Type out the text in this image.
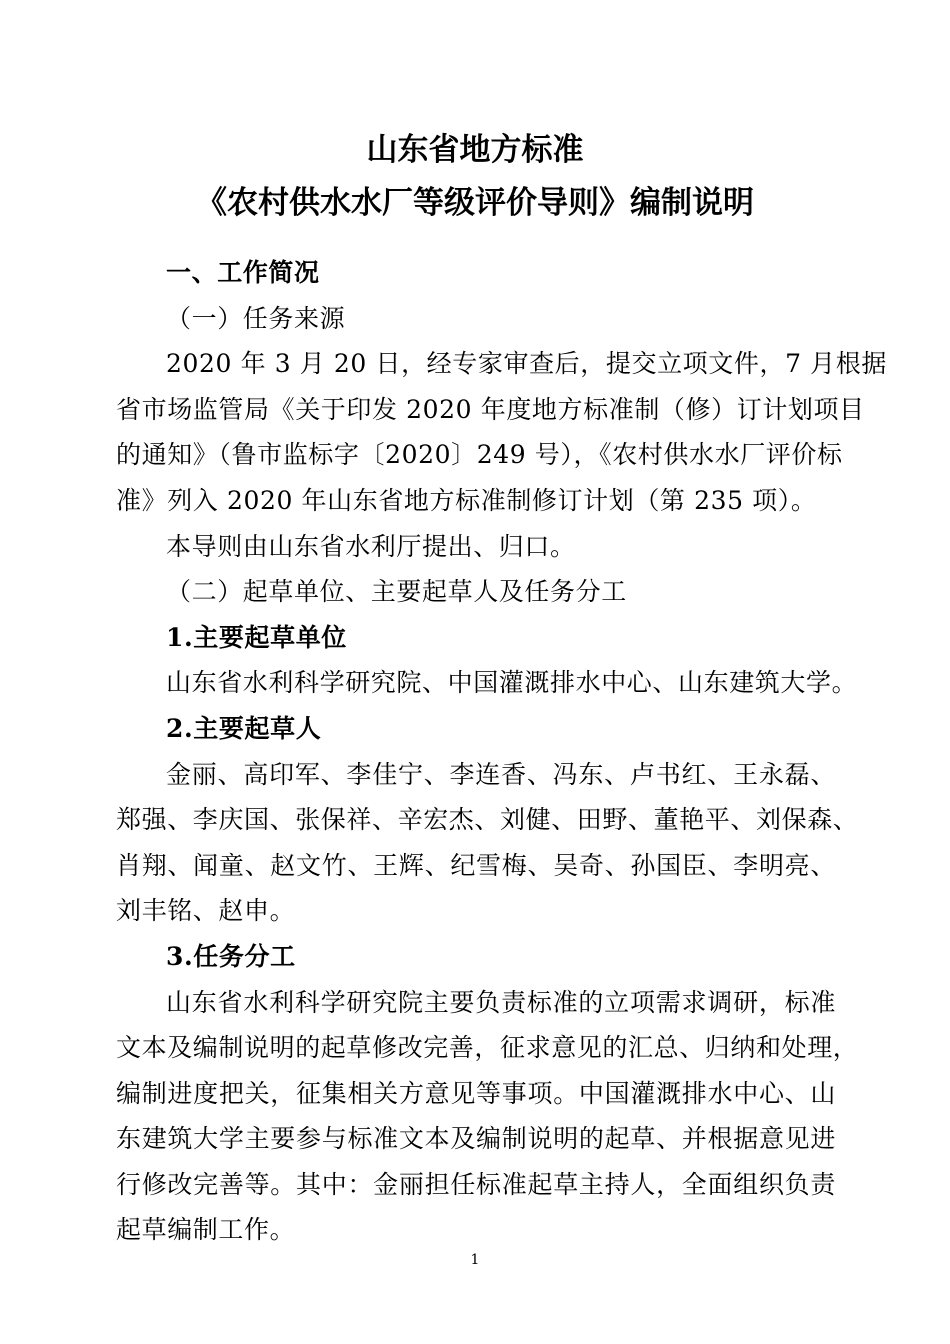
山东省地方标准
《农村供水水厂等级评价导则》编制说明
一、工作简况
（一）任务来源
2020 年 3 月 20 日，经专家审查后，提交立项文件，7 月根据
省市场监管局《关于印发 2020 年度地方标准制（修）订计划项目
的通知》（鲁市监标字〔2020〕249 号），《农村供水水厂评价标
准》列入 2020 年山东省地方标准制修订计划（第 235 项）。
本导则由山东省水利厅提出、归口。
（二）起草单位、主要起草人及任务分工
1.主要起草单位
山东省水利科学研究院、中国灌溉排水中心、山东建筑大学。
2.主要起草人
金丽、高印军、李佳宁、李连香、冯东、卢书红、王永磊、
郑强、李庆国、张保祥、辛宏杰、刘健、田野、董艳平、刘保森、
肖翔、闻童、赵文竹、王辉、纪雪梅、吴奇、孙国臣、李明亮、
刘丰铭、赵申。
3.任务分工
山东省水利科学研究院主要负责标准的立项需求调研，标准
文本及编制说明的起草修改完善，征求意见的汇总、归纳和处理，
编制进度把关，征集相关方意见等事项。中国灌溉排水中心、山
东建筑大学主要参与标准文本及编制说明的起草、并根据意见进
行修改完善等。其中：金丽担任标准起草主持人，全面组织负责
起草编制工作。
1
